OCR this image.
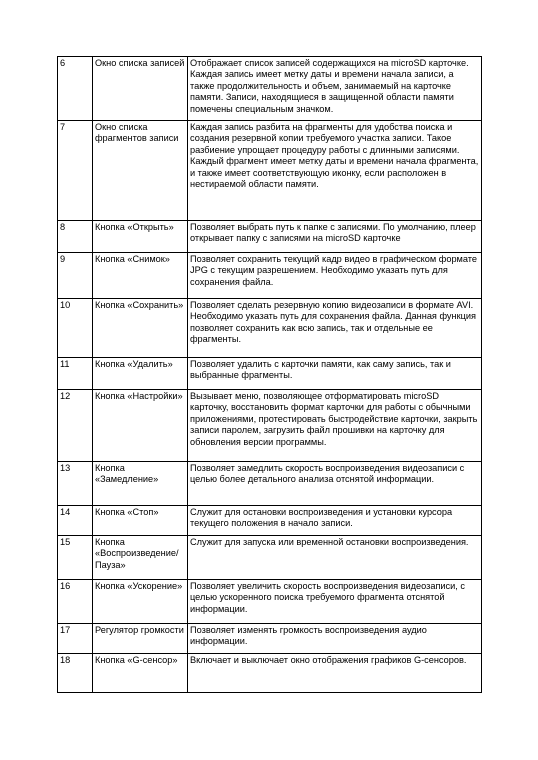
6	Окно списка записей	Отображает список записей содержащихся на microSD карточке. Каждая запись имеет метку даты и времени начала записи, а также продолжительность и объем, занимаемый на карточке памяти. Записи, находящиеся в защищенной области памяти помечены специальным значком.
7	Окно списка фрагментов записи	Каждая запись разбита на фрагменты для удобства поиска и создания резервной копии требуемого участка записи. Такое разбиение упрощает процедуру работы с длинными записями. Каждый фрагмент имеет метку даты и времени начала фрагмента, и также имеет соответствующую иконку, если расположен в нестираемой области памяти.
8	Кнопка «Открыть»	Позволяет выбрать путь к папке с записями. По умолчанию, плеер открывает папку с записями на microSD карточке
9	Кнопка «Снимок»	Позволяет сохранить текущий кадр видео в графическом формате JPG с текущим разрешением. Необходимо указать путь для сохранения файла.
10	Кнопка «Сохранить»	Позволяет сделать резервную копию видеозаписи в формате AVI. Необходимо указать путь для сохранения файла. Данная функция позволяет сохранить как всю запись, так и отдельные ее фрагменты.
11	Кнопка «Удалить»	Позволяет удалить с карточки памяти, как саму запись, так и выбранные фрагменты.
12	Кнопка «Настройки»	Вызывает меню, позволяющее отформатировать microSD карточку, восстановить формат карточки для работы с обычными приложениями, протестировать быстродействие карточки, закрыть записи паролем, загрузить файл прошивки на карточку для обновления версии программы.
13	Кнопка «Замедление»	Позволяет замедлить скорость воспроизведения видеозаписи с целью более детального анализа отснятой информации.
14	Кнопка «Стоп»	Служит для остановки воспроизведения и установки курсора текущего положения в начало записи.
15	Кнопка «Воспроизведение/ Пауза»	Служит для запуска или временной остановки воспроизведения.
16	Кнопка «Ускорение»	Позволяет увеличить скорость воспроизведения видеозаписи, с целью ускоренного поиска требуемого фрагмента отснятой информации.
17	Регулятор громкости	Позволяет изменять громкость воспроизведения аудио информации.
18	Кнопка «G-сенсор»	Включает и выключает окно отображения графиков G-сенсоров.
